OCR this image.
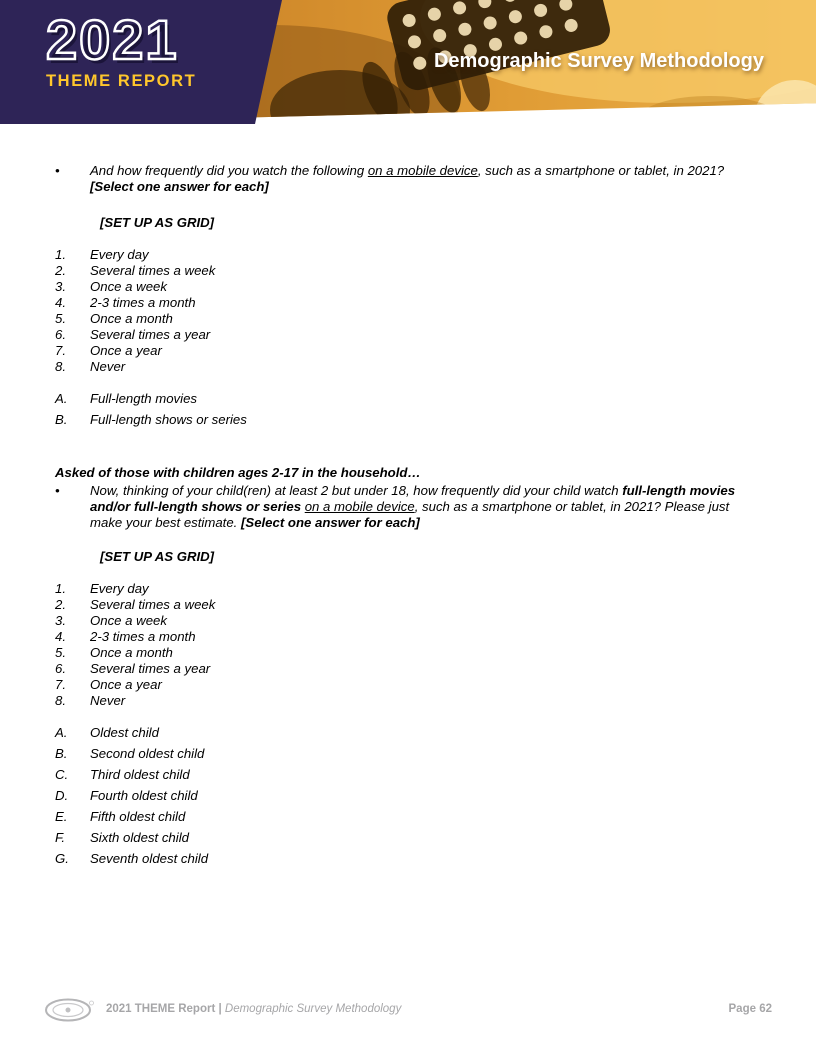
2021
THEME REPORT
Demographic Survey Methodology
•	And how frequently did you watch the following on a mobile device, such as a smartphone or tablet, in 2021? [Select one answer for each]
[SET UP AS GRID]
1.	Every day
2.	Several times a week
3.	Once a week
4.	2-3 times a month
5.	Once a month
6.	Several times a year
7.	Once a year
8.	Never
A.	Full-length movies
B.	Full-length shows or series
Asked of those with children ages 2-17 in the household…
•	Now, thinking of your child(ren) at least 2 but under 18, how frequently did your child watch full-length movies and/or full-length shows or series on a mobile device, such as a smartphone or tablet, in 2021? Please just make your best estimate. [Select one answer for each]
[SET UP AS GRID]
1.	Every day
2.	Several times a week
3.	Once a week
4.	2-3 times a month
5.	Once a month
6.	Several times a year
7.	Once a year
8.	Never
A.	Oldest child
B.	Second oldest child
C.	Third oldest child
D.	Fourth oldest child
E.	Fifth oldest child
F.	Sixth oldest child
G.	Seventh oldest child
2021 THEME Report | Demographic Survey Methodology	Page 62
